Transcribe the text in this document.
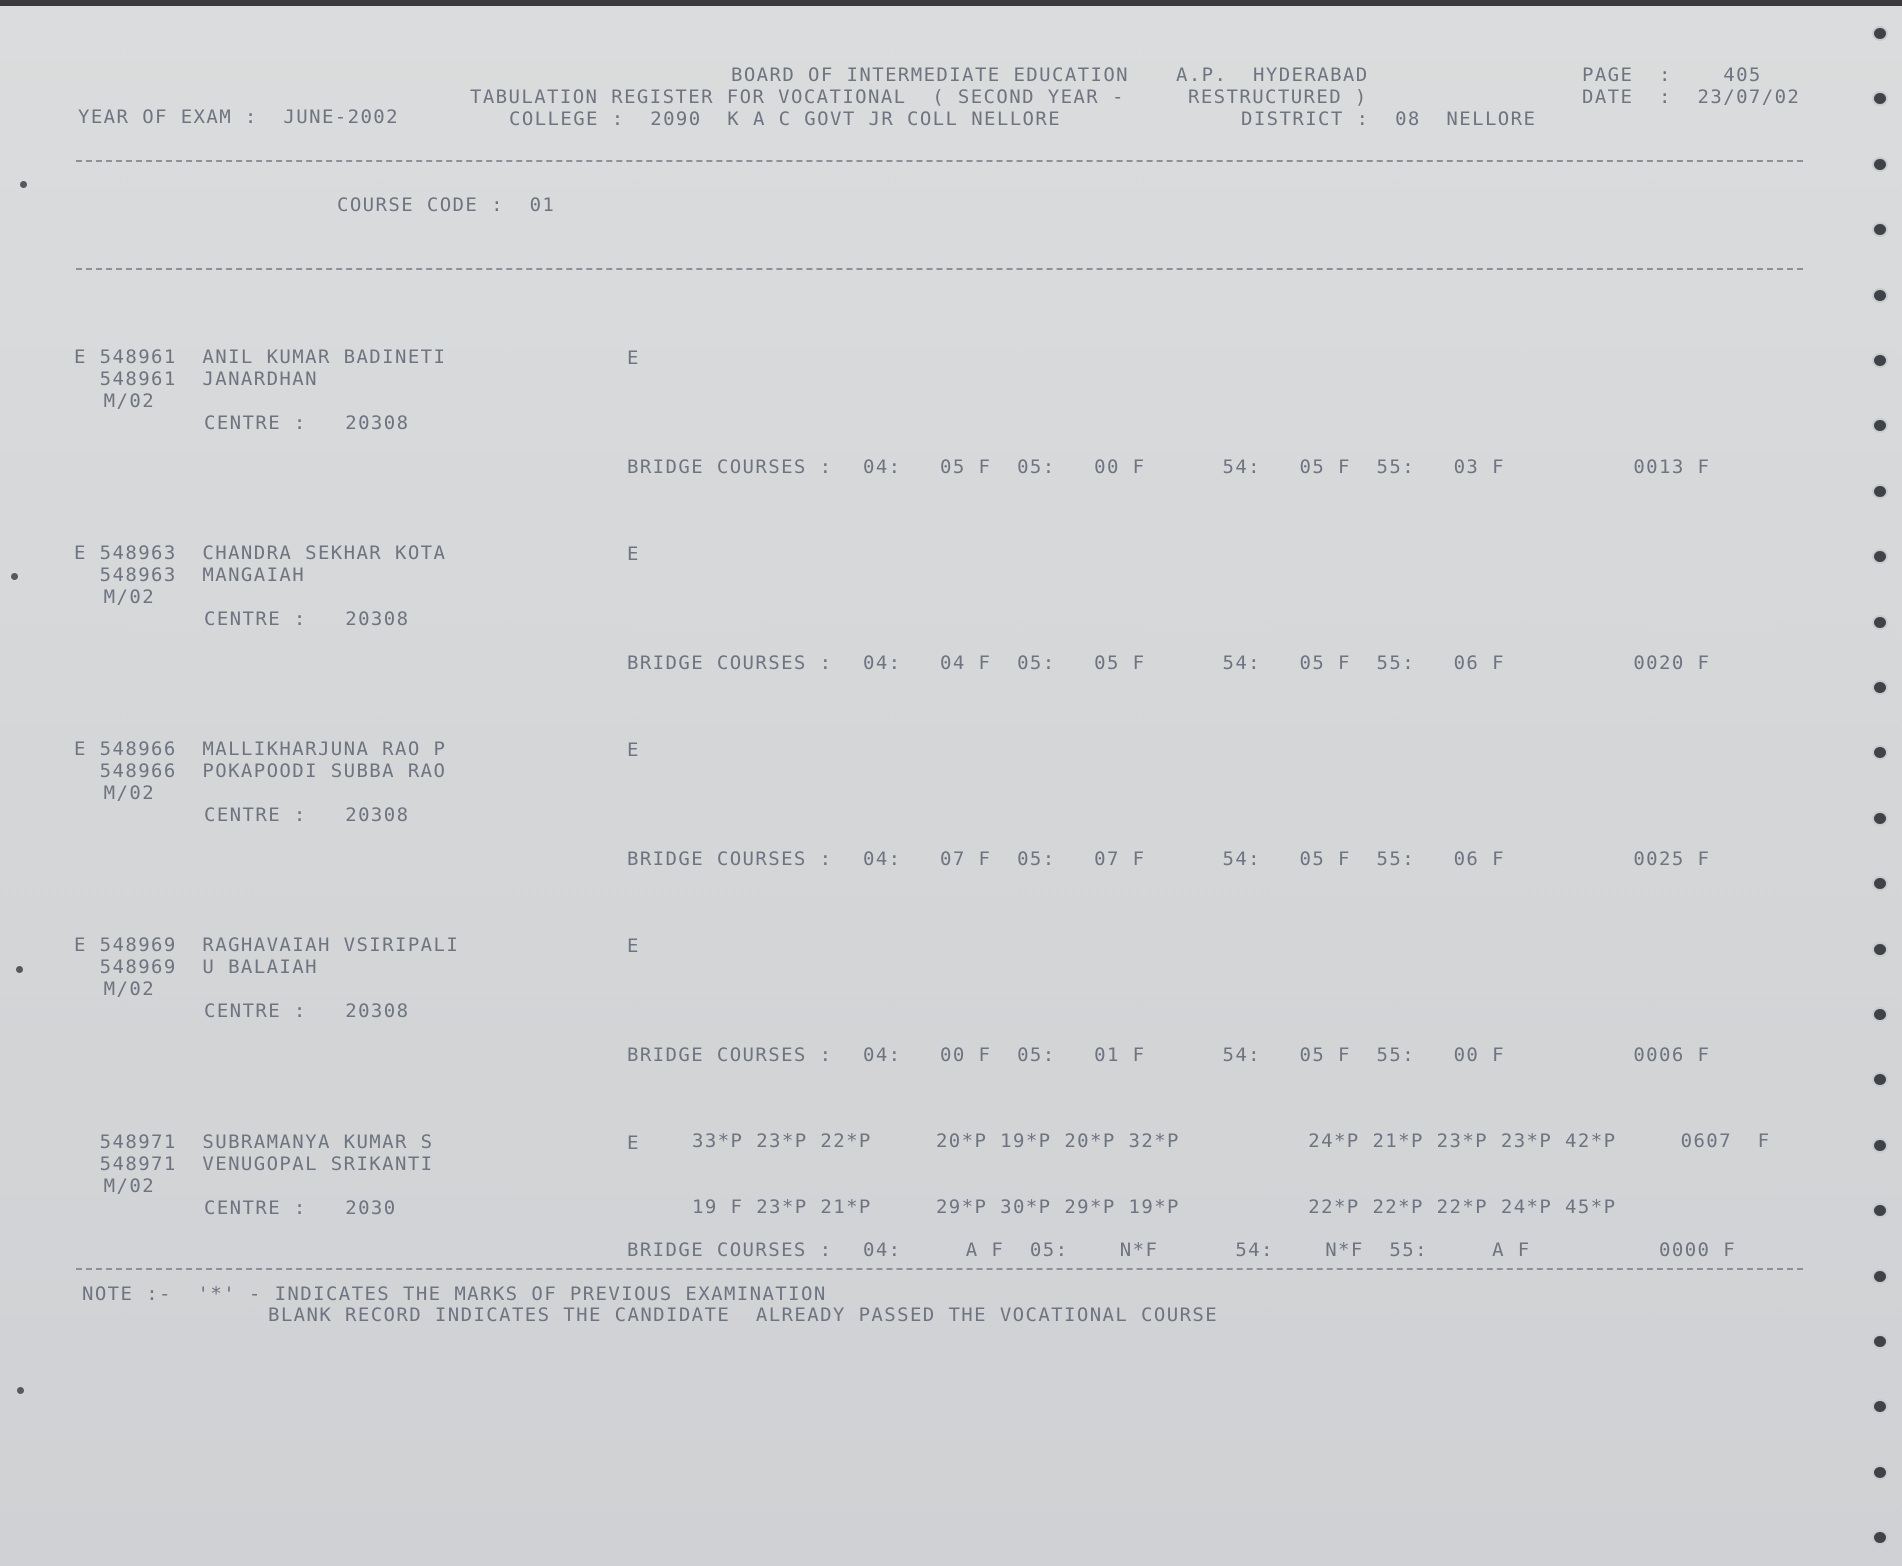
BOARD OF INTERMEDIATE EDUCATION A.P.  HYDERABAD	PAGE  :    405
TABULATION REGISTER FOR VOCATIONAL  ( SECOND YEAR -	RESTRUCTURED )	DATE  :  23/07/02
YEAR OF EXAM :  JUNE-2002	COLLEGE :  2090  K A C GOVT JR COLL NELLORE	DISTRICT :  08  NELLORE
COURSE CODE :  01
E 548961  ANIL KUMAR BADINETI
548961  JANARDHAN
M/02
CENTRE :   20308
E
BRIDGE COURSES : 04:   05 F  05:   00 F      54:   05 F  55:   03 F          0013 F
E 548963  CHANDRA SEKHAR KOTA
548963  MANGAIAH
M/02
CENTRE :   20308
E
BRIDGE COURSES : 04:   04 F  05:   05 F      54:   05 F  55:   06 F          0020 F
E 548966  MALLIKHARJUNA RAO P
548966  POKAPOODI SUBBA RAO
M/02
CENTRE :   20308
E
BRIDGE COURSES : 04:   07 F  05:   07 F      54:   05 F  55:   06 F          0025 F
E 548969  RAGHAVAIAH VSIRIPALI
548969  U BALAIAH
M/02
CENTRE :   20308
E
BRIDGE COURSES : 04:   00 F  05:   01 F      54:   05 F  55:   00 F          0006 F
548971  SUBRAMANYA KUMAR S
548971  VENUGOPAL SRIKANTI
M/02
CENTRE :   2030
E	33*P 23*P 22*P     20*P 19*P 20*P 32*P          24*P 21*P 23*P 23*P 42*P     0607  F
19 F 23*P 21*P     29*P 30*P 29*P 19*P          22*P 22*P 22*P 24*P 45*P
BRIDGE COURSES : 04:     A F  05:    N*F      54:    N*F  55:     A F          0000 F
NOTE :-  '*' - INDICATES THE MARKS OF PREVIOUS EXAMINATION
BLANK RECORD INDICATES THE CANDIDATE  ALREADY PASSED THE VOCATIONAL COURSE
